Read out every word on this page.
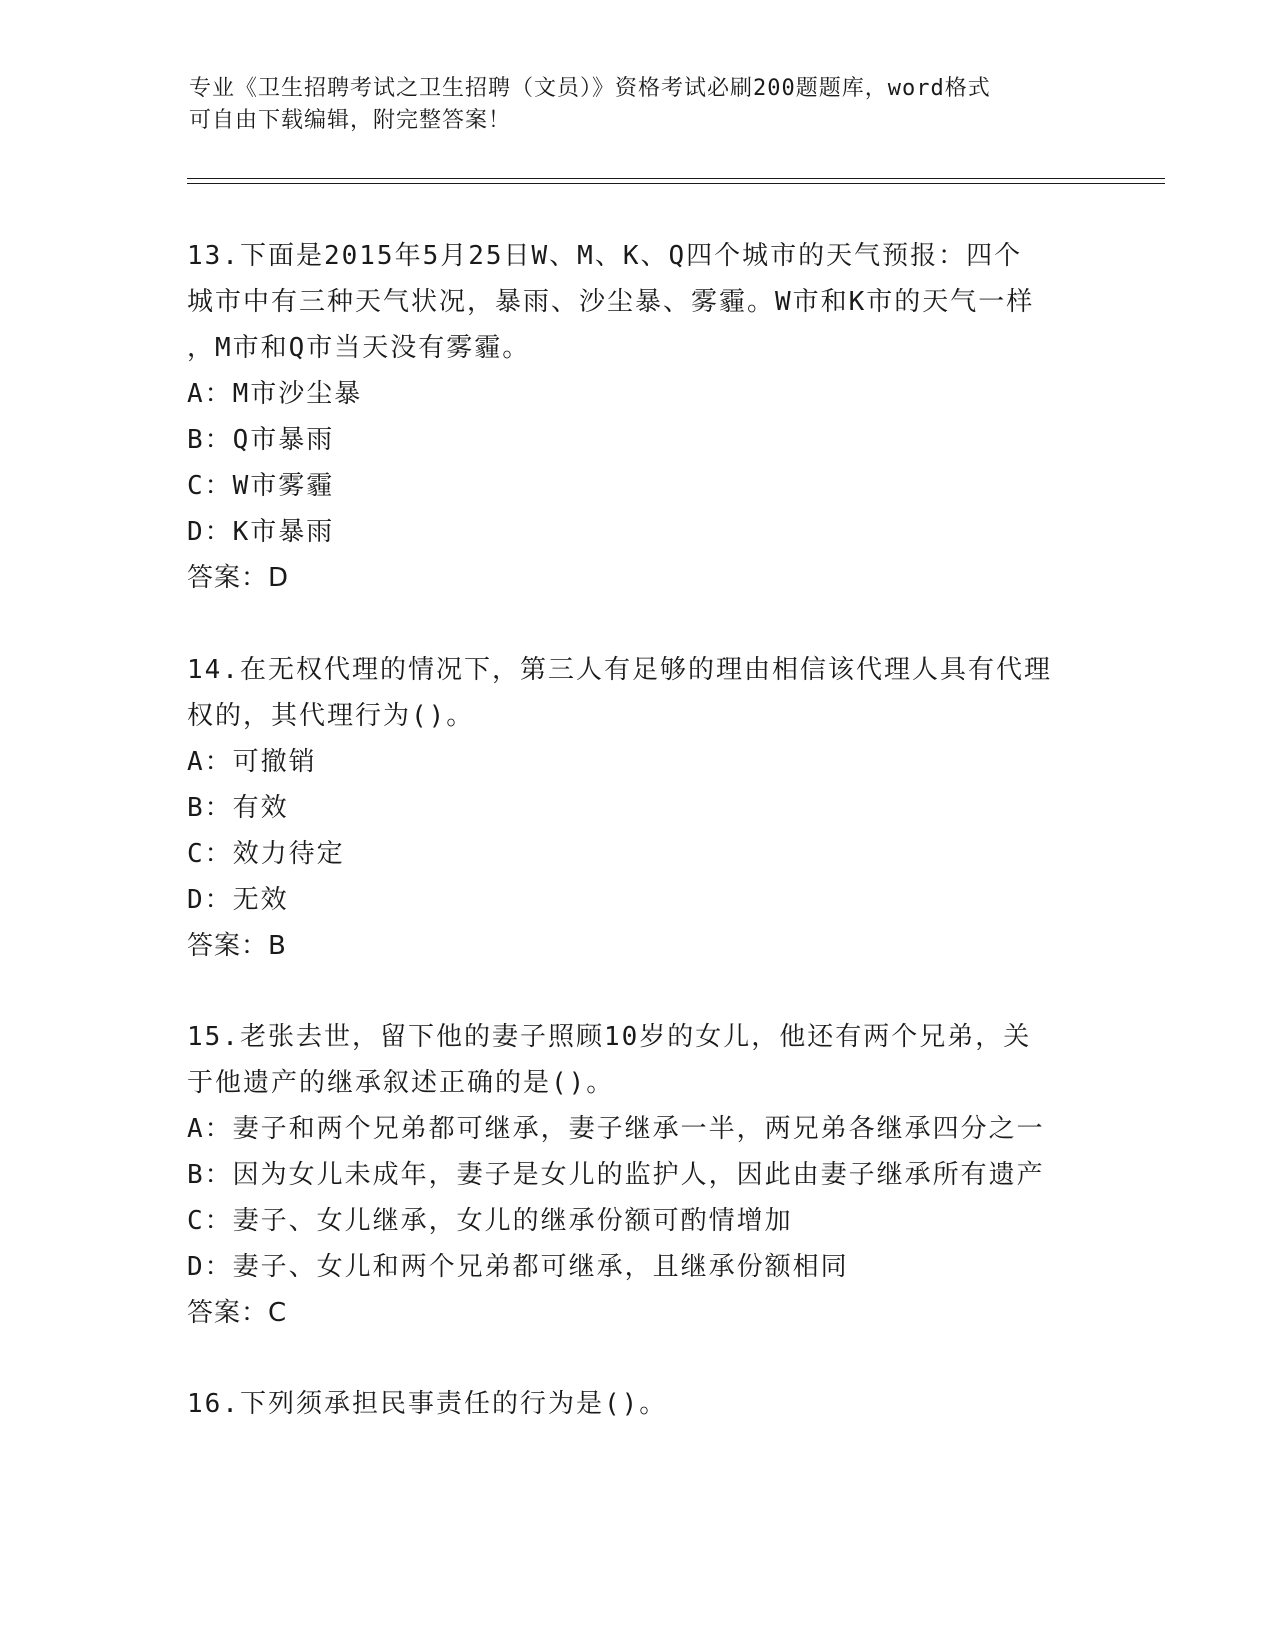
专业《卫生招聘考试之卫生招聘（文员）》资格考试必刷200题题库，word格式
可自由下载编辑，附完整答案！
13.下面是2015年5月25日W、M、K、Q四个城市的天气预报：四个
城市中有三种天气状况，暴雨、沙尘暴、雾霾。W市和K市的天气一样
，M市和Q市当天没有雾霾。
A：M市沙尘暴
B：Q市暴雨
C：W市雾霾
D：K市暴雨
答案：D
14.在无权代理的情况下，第三人有足够的理由相信该代理人具有代理
权的，其代理行为()。
A：可撤销
B：有效
C：效力待定
D：无效
答案：B
15.老张去世，留下他的妻子照顾10岁的女儿，他还有两个兄弟，关
于他遗产的继承叙述正确的是()。
A：妻子和两个兄弟都可继承，妻子继承一半，两兄弟各继承四分之一
B：因为女儿未成年，妻子是女儿的监护人，因此由妻子继承所有遗产
C：妻子、女儿继承，女儿的继承份额可酌情增加
D：妻子、女儿和两个兄弟都可继承，且继承份额相同
答案：C
16.下列须承担民事责任的行为是()。
